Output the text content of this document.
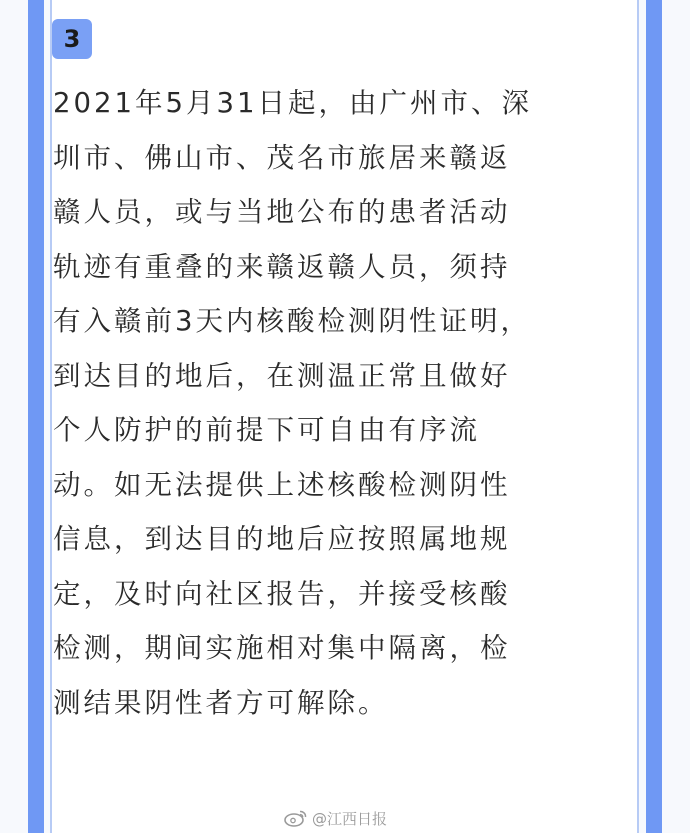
3

2021年5月31日起，由广州市、深圳市、佛山市、茂名市旅居来赣返赣人员，或与当地公布的患者活动轨迹有重叠的来赣返赣人员，须持有入赣前3天内核酸检测阴性证明，到达目的地后，在测温正常且做好个人防护的前提下可自由有序流动。如无法提供上述核酸检测阴性信息，到达目的地后应按照属地规定，及时向社区报告，并接受核酸检测，期间实施相对集中隔离，检测结果阴性者方可解除。

@江西日报
